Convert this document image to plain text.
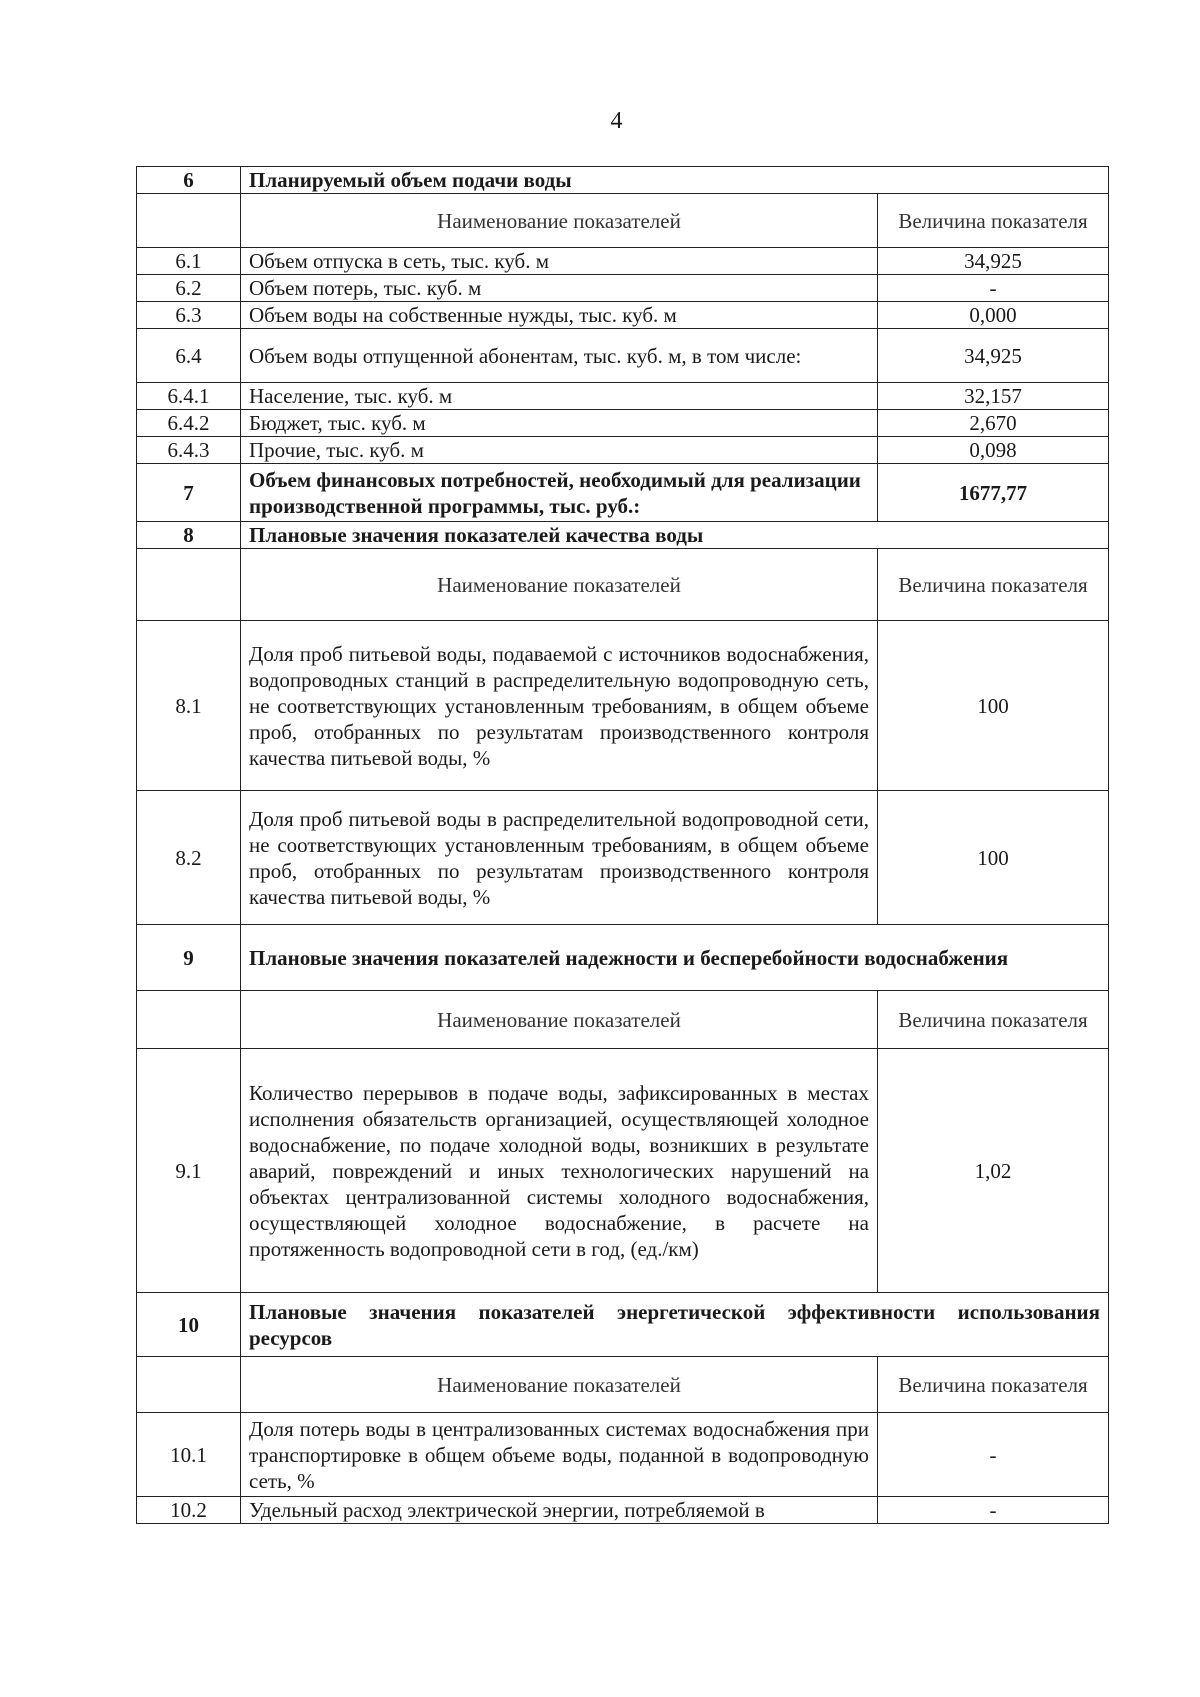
4
6	Планируемый объем подачи воды	
	Наименование показателей	Величина показателя
6.1	Объем отпуска в сеть, тыс. куб. м	34,925
6.2	Объем потерь, тыс. куб. м	-
6.3	Объем воды на собственные нужды, тыс. куб. м	0,000
6.4	Объем воды отпущенной абонентам, тыс. куб. м, в том числе:	34,925
6.4.1	Население, тыс. куб. м	32,157
6.4.2	Бюджет, тыс. куб. м	2,670
6.4.3	Прочие, тыс. куб. м	0,098
7	Объем финансовых потребностей, необходимый для реализации производственной программы, тыс. руб.:	1677,77
8	Плановые значения показателей качества воды	
	Наименование показателей	Величина показателя
8.1	Доля проб питьевой воды, подаваемой с источников водоснабжения, водопроводных станций в распределительную водопроводную сеть, не соответствующих установленным требованиям, в общем объеме проб, отобранных по результатам производственного контроля качества питьевой воды, %	100
8.2	Доля проб питьевой воды в распределительной водопроводной сети, не соответствующих установленным требованиям, в общем объеме проб, отобранных по результатам производственного контроля качества питьевой воды, %	100
9	Плановые значения показателей надежности и бесперебойности водоснабжения	
	Наименование показателей	Величина показателя
9.1	Количество перерывов в подаче воды, зафиксированных в местах исполнения обязательств организацией, осуществляющей холодное водоснабжение, по подаче холодной воды, возникших в результате аварий, повреждений и иных технологических нарушений на объектах централизованной системы холодного водоснабжения, осуществляющей холодное водоснабжение, в расчете на протяженность водопроводной сети в год, (ед./км)	1,02
10	Плановые значения показателей энергетической эффективности использования ресурсов	
	Наименование показателей	Величина показателя
10.1	Доля потерь воды в централизованных системах водоснабжения при транспортировке в общем объеме воды, поданной в водопроводную сеть, %	-
10.2	Удельный расход электрической энергии, потребляемой в	-
